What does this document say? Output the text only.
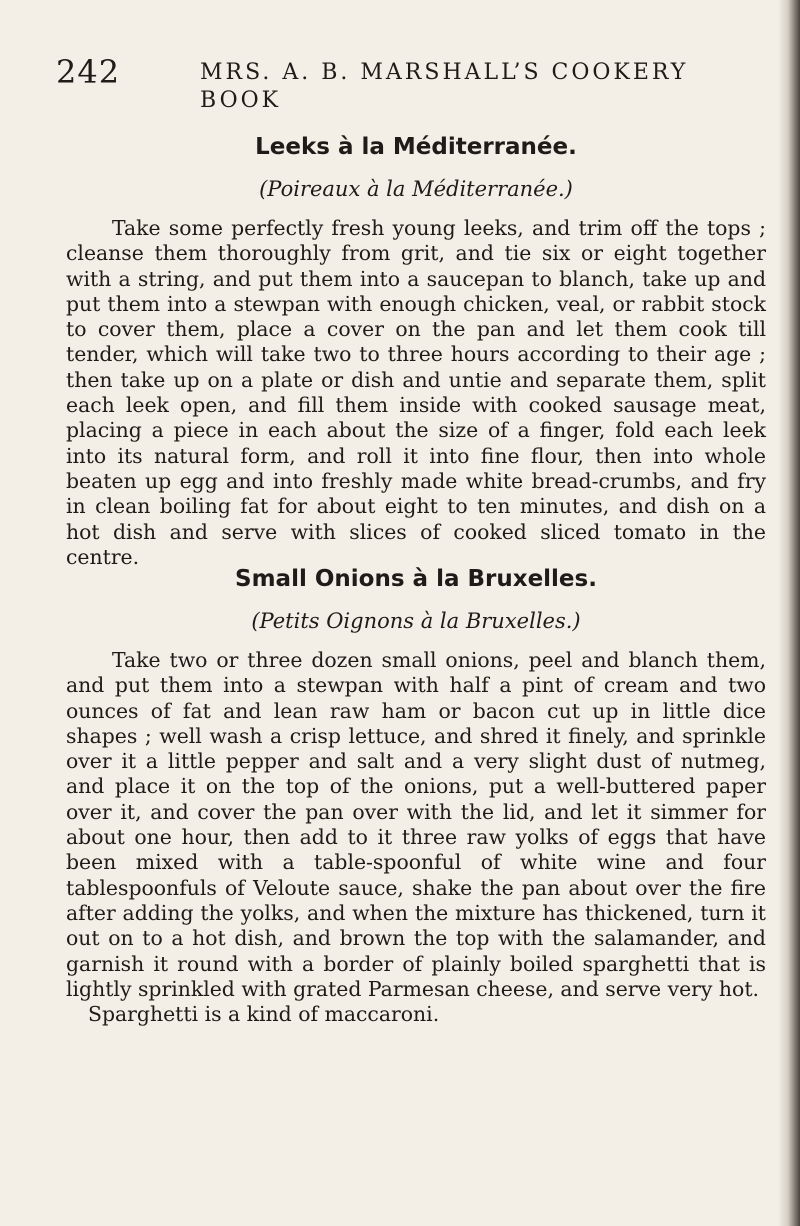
242	MRS. A. B. MARSHALL’S COOKERY BOOK
Leeks à la Méditerranée.

(Poireaux à la Méditerranée.)

Take some perfectly fresh young leeks, and trim off the tops ; cleanse them thoroughly from grit, and tie six or eight together with a string, and put them into a saucepan to blanch, take up and put them into a stewpan with enough chicken, veal, or rabbit stock to cover them, place a cover on the pan and let them cook till tender, which will take two to three hours according to their age ; then take up on a plate or dish and untie and separate them, split each leek open, and fill them inside with cooked sausage meat, placing a piece in each about the size of a finger, fold each leek into its natural form, and roll it into fine flour, then into whole beaten up egg and into freshly made white bread-crumbs, and fry in clean boiling fat for about eight to ten minutes, and dish on a hot dish and serve with slices of cooked sliced tomato in the centre.

Small Onions à la Bruxelles.

(Petits Oignons à la Bruxelles.)

Take two or three dozen small onions, peel and blanch them, and put them into a stewpan with half a pint of cream and two ounces of fat and lean raw ham or bacon cut up in little dice shapes ; well wash a crisp lettuce, and shred it finely, and sprinkle over it a little pepper and salt and a very slight dust of nutmeg, and place it on the top of the onions, put a well-buttered paper over it, and cover the pan over with the lid, and let it simmer for about one hour, then add to it three raw yolks of eggs that have been mixed with a table-spoonful of white wine and four tablespoonfuls of Veloute sauce, shake the pan about over the fire after adding the yolks, and when the mixture has thickened, turn it out on to a hot dish, and brown the top with the salamander, and garnish it round with a border of plainly boiled sparghetti that is lightly sprinkled with grated Parmesan cheese, and serve very hot.

Sparghetti is a kind of maccaroni.
